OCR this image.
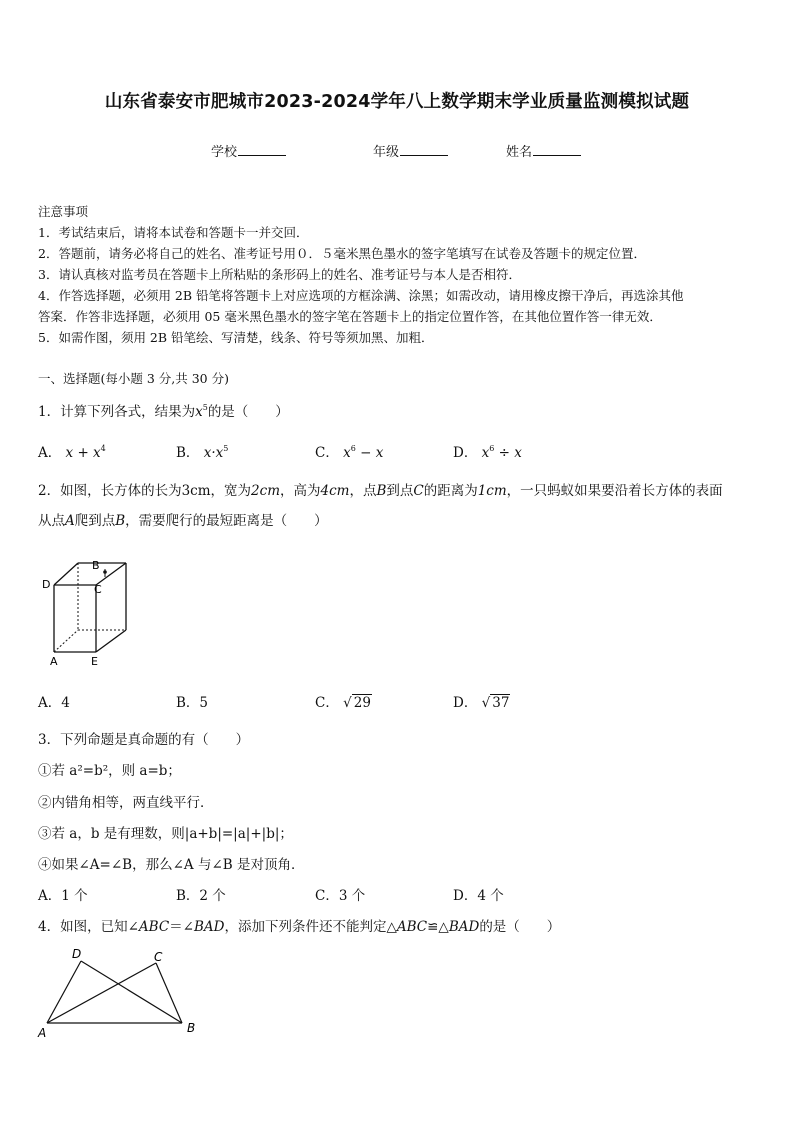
山东省泰安市肥城市2023-2024学年八上数学期末学业质量监测模拟试题
学校	年级	姓名
注意事项
1．考试结束后，请将本试卷和答题卡一并交回．
2．答题前，请务必将自己的姓名、准考证号用０．５毫米黑色墨水的签字笔填写在试卷及答题卡的规定位置．
3．请认真核对监考员在答题卡上所粘贴的条形码上的姓名、准考证号与本人是否相符．
4．作答选择题，必须用 2B 铅笔将答题卡上对应选项的方框涂满、涂黑；如需改动，请用橡皮擦干净后，再选涂其他
答案．作答非选择题，必须用 05 毫米黑色墨水的签字笔在答题卡上的指定位置作答，在其他位置作答一律无效．
5．如需作图，须用 2B 铅笔绘、写清楚，线条、符号等须加黑、加粗．
一、选择题(每小题 3 分,共 30 分)
1．计算下列各式，结果为$x^5$的是（　　）
A． $x + x^4$	B． $x\cdot x^5$	C． $x^6 - x$	D． $x^6 \div x$
2．如图，长方体的长为3cm，宽为2cm，高为4cm，点B到点C的距离为1cm，一只蚂蚁如果要沿着长方体的表面
从点A爬到点B，需要爬行的最短距离是（　　）
D
B
C
A	E
A．4	B．5	C． √ 29	D． √ 37
3．下列命题是真命题的有（　　）
①若 a²=b²，则 a=b；
②内错角相等，两直线平行．
③若 a，b 是有理数，则|a+b|=|a|+|b|；
④如果∠A=∠B，那么∠A 与∠B 是对顶角．
A．1 个	B．2 个	C．3 个	D．4 个
4．如图，已知∠ABC＝∠BAD，添加下列条件还不能判定△ABC≌△BAD的是（　　）
D	C
A	B
